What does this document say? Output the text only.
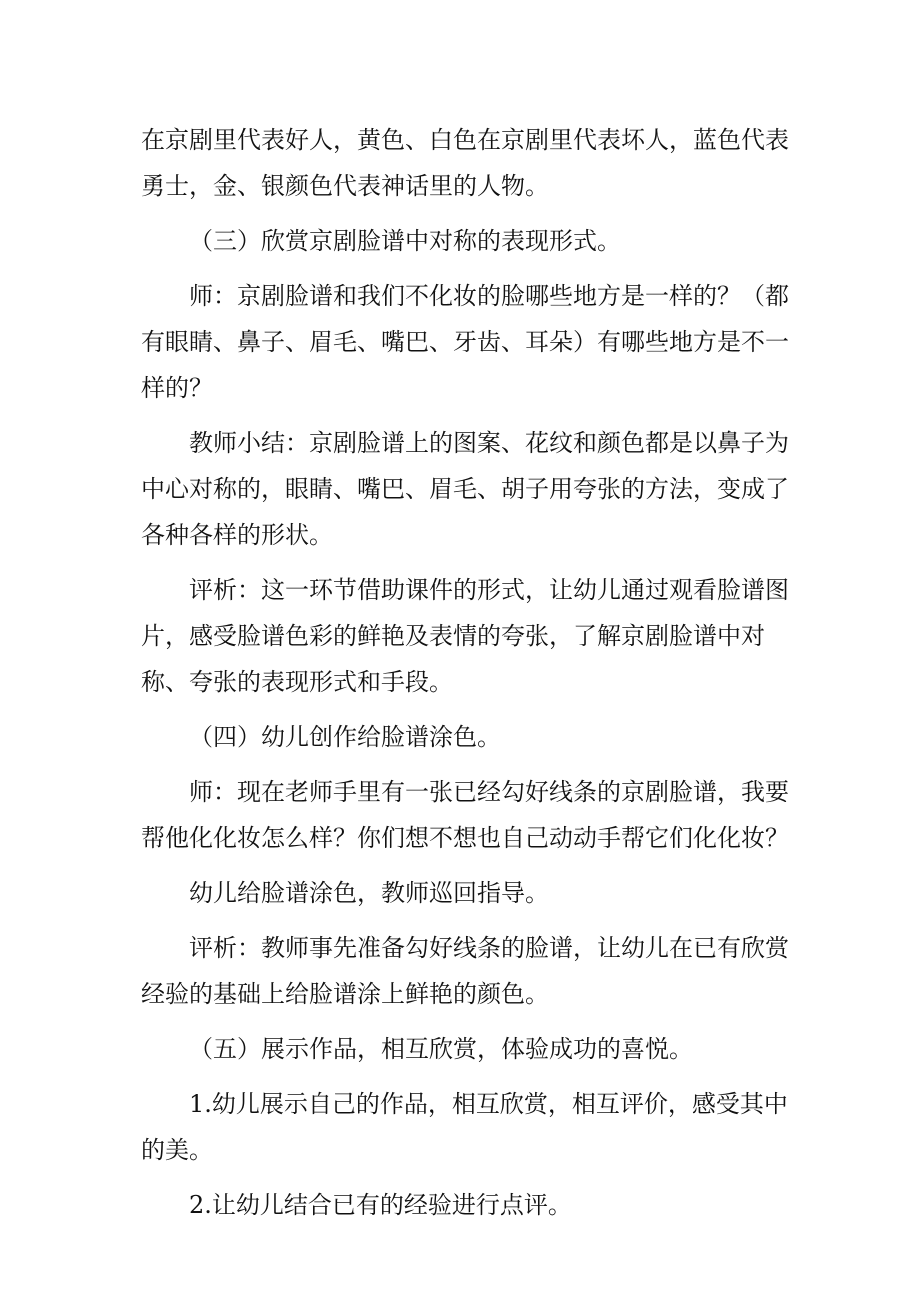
在京剧里代表好人，黄色、白色在京剧里代表坏人，蓝色代表勇士，金、银颜色代表神话里的人物。

（三）欣赏京剧脸谱中对称的表现形式。

师：京剧脸谱和我们不化妆的脸哪些地方是一样的？（都有眼睛、鼻子、眉毛、嘴巴、牙齿、耳朵）有哪些地方是不一样的？

教师小结：京剧脸谱上的图案、花纹和颜色都是以鼻子为中心对称的，眼睛、嘴巴、眉毛、胡子用夸张的方法，变成了各种各样的形状。

评析：这一环节借助课件的形式，让幼儿通过观看脸谱图片，感受脸谱色彩的鲜艳及表情的夸张，了解京剧脸谱中对称、夸张的表现形式和手段。

（四）幼儿创作给脸谱涂色。

师：现在老师手里有一张已经勾好线条的京剧脸谱，我要帮他化化妆怎么样？你们想不想也自己动动手帮它们化化妆？

幼儿给脸谱涂色，教师巡回指导。

评析：教师事先准备勾好线条的脸谱，让幼儿在已有欣赏经验的基础上给脸谱涂上鲜艳的颜色。

（五）展示作品，相互欣赏，体验成功的喜悦。

1.幼儿展示自己的作品，相互欣赏，相互评价，感受其中的美。

2.让幼儿结合已有的经验进行点评。
